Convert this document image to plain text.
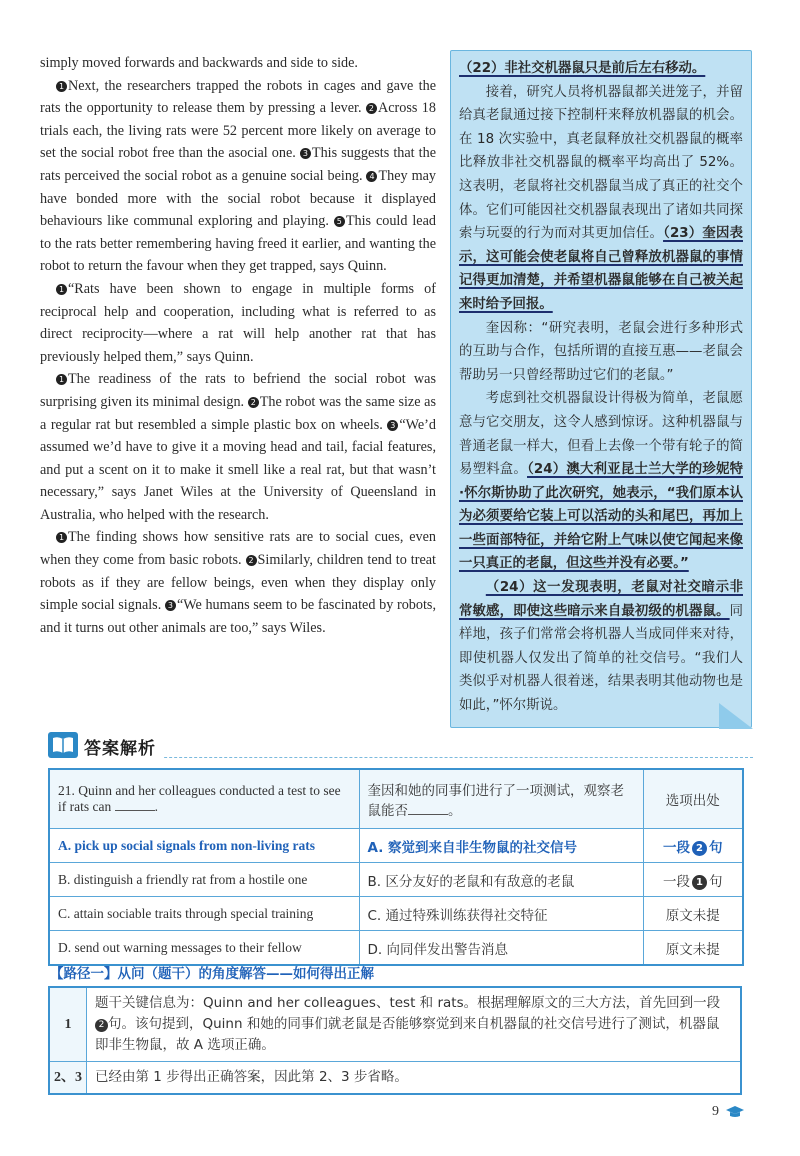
simply moved forwards and backwards and side to side.

1 Next, the researchers trapped the robots in cages and gave the rats the opportunity to release them by pressing a lever. 2 Across 18 trials each, the living rats were 52 percent more likely on average to set the social robot free than the asocial one. 3 This suggests that the rats perceived the social robot as a genuine social being. 4 They may have bonded more with the social robot because it displayed behaviours like communal exploring and playing. 5 This could lead to the rats better remembering having freed it earlier, and wanting the robot to return the favour when they get trapped, says Quinn.

1 “Rats have been shown to engage in multiple forms of reciprocal help and cooperation, including what is referred to as direct reciprocity—where a rat will help another rat that has previously helped them,” says Quinn.

1 The readiness of the rats to befriend the social robot was surprising given its minimal design. 2 The robot was the same size as a regular rat but resembled a simple plastic box on wheels. 3 “We’d assumed we’d have to give it a moving head and tail, facial features, and put a scent on it to make it smell like a real rat, but that wasn’t necessary,” says Janet Wiles at the University of Queensland in Australia, who helped with the research.

1 The finding shows how sensitive rats are to social cues, even when they come from basic robots. 2 Similarly, children tend to treat robots as if they are fellow beings, even when they display only simple social signals. 3 “We humans seem to be fascinated by robots, and it turns out other animals are too,” says Wiles.

（22）非社交机器鼠只是前后左右移动。

接着，研究人员将机器鼠都关进笼子，并留给真老鼠通过接下控制杆来释放机器鼠的机会。在 18 次实验中，真老鼠释放社交机器鼠的概率比释放非社交机器鼠的概率平均高出了 52%。这表明，老鼠将社交机器鼠当成了真正的社交个体。它们可能因社交机器鼠表现出了诸如共同探索与玩耍的行为而对其更加信任。（23）奎因表示，这可能会使老鼠将自己曾释放机器鼠的事情记得更加清楚，并希望机器鼠能够在自己被关起来时给予回报。

奎因称：“研究表明，老鼠会进行多种形式的互助与合作，包括所谓的直接互惠——老鼠会帮助另一只曾经帮助过它们的老鼠。”

考虑到社交机器鼠设计得极为简单，老鼠愿意与它交朋友，这令人感到惊讶。这种机器鼠与普通老鼠一样大，但看上去像一个带有轮子的简易塑料盒。（24）澳大利亚昆士兰大学的珍妮特·怀尔斯协助了此次研究，她表示，“我们原本认为必须要给它装上可以活动的头和尾巴，再加上一些面部特征，并给它附上气味以使它闻起来像一只真正的老鼠，但这些并没有必要。”

（24）这一发现表明，老鼠对社交暗示非常敏感，即使这些暗示来自最初级的机器鼠。同样地，孩子们常常会将机器人当成同伴来对待，即使机器人仅发出了简单的社交信号。“我们人类似乎对机器人很着迷，结果表明其他动物也是如此，”怀尔斯说。

答案解析
21. Quinn and her colleagues conducted a test to see if rats can .	奎因和她的同事们进行了一项测试，观察老鼠能否 。	选项出处
A. pick up social signals from non-living rats	A. 察觉到来自非生物鼠的社交信号	一段 2 句
B. distinguish a friendly rat from a hostile one	B. 区分友好的老鼠和有敌意的老鼠	一段 1 句
C. attain sociable traits through special training	C. 通过特殊训练获得社交特征	原文未提
D. send out warning messages to their fellow	D. 向同伴发出警告消息	原文未提
【路径一】从问（题干）的角度解答——如何得出正解
1	题干关键信息为：Quinn and her colleagues、test 和 rats。根据理解原文的三大方法，首先回到一段2 句。该句提到，Quinn 和她的同事们就老鼠是否能够察觉到来自机器鼠的社交信号进行了测试，机器鼠即非生物鼠，故 A 选项正确。
2、3	已经由第 1 步得出正确答案，因此第 2、3 步省略。
9
